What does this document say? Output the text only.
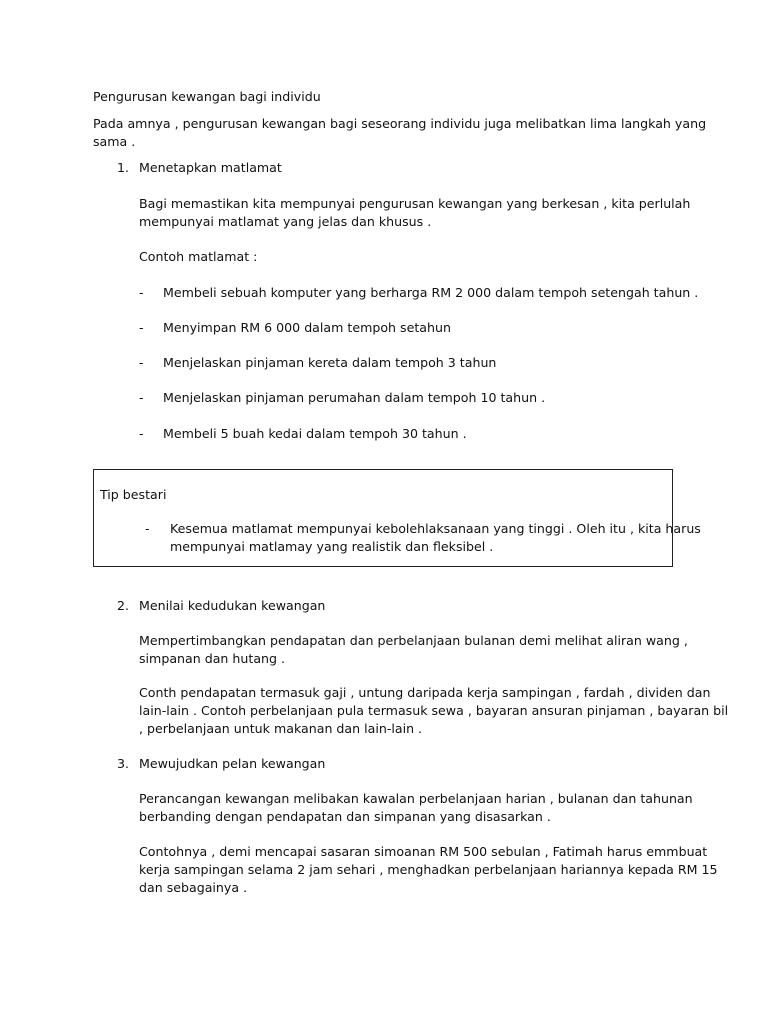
Pengurusan kewangan bagi individu

Pada amnya , pengurusan kewangan bagi seseorang individu juga melibatkan lima langkah yang

sama .

1. Menetapkan matlamat

Bagi memastikan kita mempunyai pengurusan kewangan yang berkesan , kita perlulah

mempunyai matlamat yang jelas dan khusus .

Contoh matlamat :

- Membeli sebuah komputer yang berharga RM 2 000 dalam tempoh setengah tahun .

- Menyimpan RM 6 000 dalam tempoh setahun

- Menjelaskan pinjaman kereta dalam tempoh 3 tahun

- Menjelaskan pinjaman perumahan dalam tempoh 10 tahun .

- Membeli 5 buah kedai dalam tempoh 30 tahun .

Tip bestari

- Kesemua matlamat mempunyai kebolehlaksanaan yang tinggi . Oleh itu , kita harus

mempunyai matlamay yang realistik dan fleksibel .

2. Menilai kedudukan kewangan

Mempertimbangkan pendapatan dan perbelanjaan bulanan demi melihat aliran wang ,

simpanan dan hutang .

Conth pendapatan termasuk gaji , untung daripada kerja sampingan , fardah , dividen dan

lain-lain . Contoh perbelanjaan pula termasuk sewa , bayaran ansuran pinjaman , bayaran bil

, perbelanjaan untuk makanan dan lain-lain .

3. Mewujudkan pelan kewangan

Perancangan kewangan melibakan kawalan perbelanjaan harian , bulanan dan tahunan

berbanding dengan pendapatan dan simpanan yang disasarkan .

Contohnya , demi mencapai sasaran simoanan RM 500 sebulan , Fatimah harus emmbuat

kerja sampingan selama 2 jam sehari , menghadkan perbelanjaan hariannya kepada RM 15

dan sebagainya .
